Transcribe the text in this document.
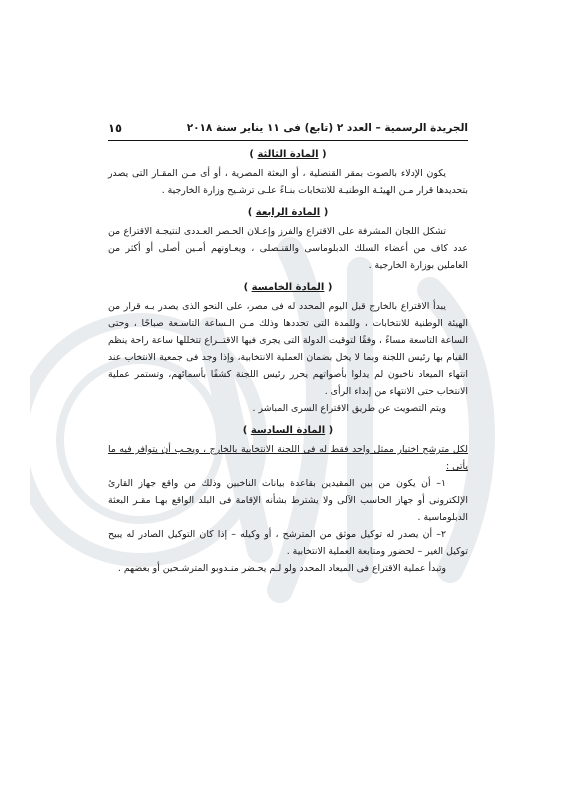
الجريدة الرسمية – العدد ٢ (تابع) فى ١١ يناير سنة ٢٠١٨
١٥
( المادة الثالثة )

يكون الإدلاء بالصوت بمقر القنصلية ، أو البعثة المصرية ، أو أى مـن المقـار التى يصدر بتحديدها قرار مـن الهيئـة الوطنيـة للانتخابات بنـاءً علـى ترشـيح وزارة الخارجية .

( المادة الرابعة )

تشكل اللجان المشرفة على الاقتراع والفرز وإعـلان الحـصر العـددى لنتيجـة الاقتراع من عدد كاف من أعضاء السلك الدبلوماسى والقنـصلى ، ويعـاونهم أمـين أصلى أو أكثر من العاملين بوزارة الخارجية .

( المادة الخامسة )

يبدأ الاقتراع بالخارج قبل اليوم المحدد له فى مصر، على النحو الذى يصدر بـه قرار من الهيئة الوطنية للانتخابات ، وللمدة التى تحددها وذلك مـن الـساعة التاسـعة صباحًا ، وحتى الساعة التاسعة مساءً ، وفقًا لتوقيت الدولة التى يجرى فيها الاقتــراع تتخللها ساعة راحة ينظم القيام بها رئيس اللجنة وبما لا يخل بضمان العملية الانتخابية، وإذا وجد فى جمعية الانتخاب عند انتهاء الميعاد ناخبون لم يدلوا بأصواتهم يحرر رئيس اللجنة كشفًا بأسمائهم، وتستمر عملية الانتخاب حتى الانتهاء من إبداء الرأى .

ويتم التصويت عن طريق الاقتراع السرى المباشر .

( المادة السادسة )

لكل مترشح اختيار ممثل واحد فقط له فى اللجنة الانتخابية بالخارج ، ويجـب أن يتوافر فيه ما يأتى :

١– أن يكون من بين المقيدين بقاعدة بيانات الناخبين وذلك من واقع جهاز القارئ الإلكترونى أو جهاز الحاسب الآلى ولا يشترط بشأنه الإقامة فى البلد الواقع بهـا مقـر البعثة الدبلوماسية .

٢– أن يصدر له توكيل موثق من المترشح ، أو وكيله – إذا كان التوكيل الصادر له يبيح توكيل الغير – لحضور ومتابعة العملية الانتخابية .

وتبدأ عملية الاقتراع فى الميعاد المحدد ولو لـم يحـضر منـدوبو المترشـحين أو بعضهم .
